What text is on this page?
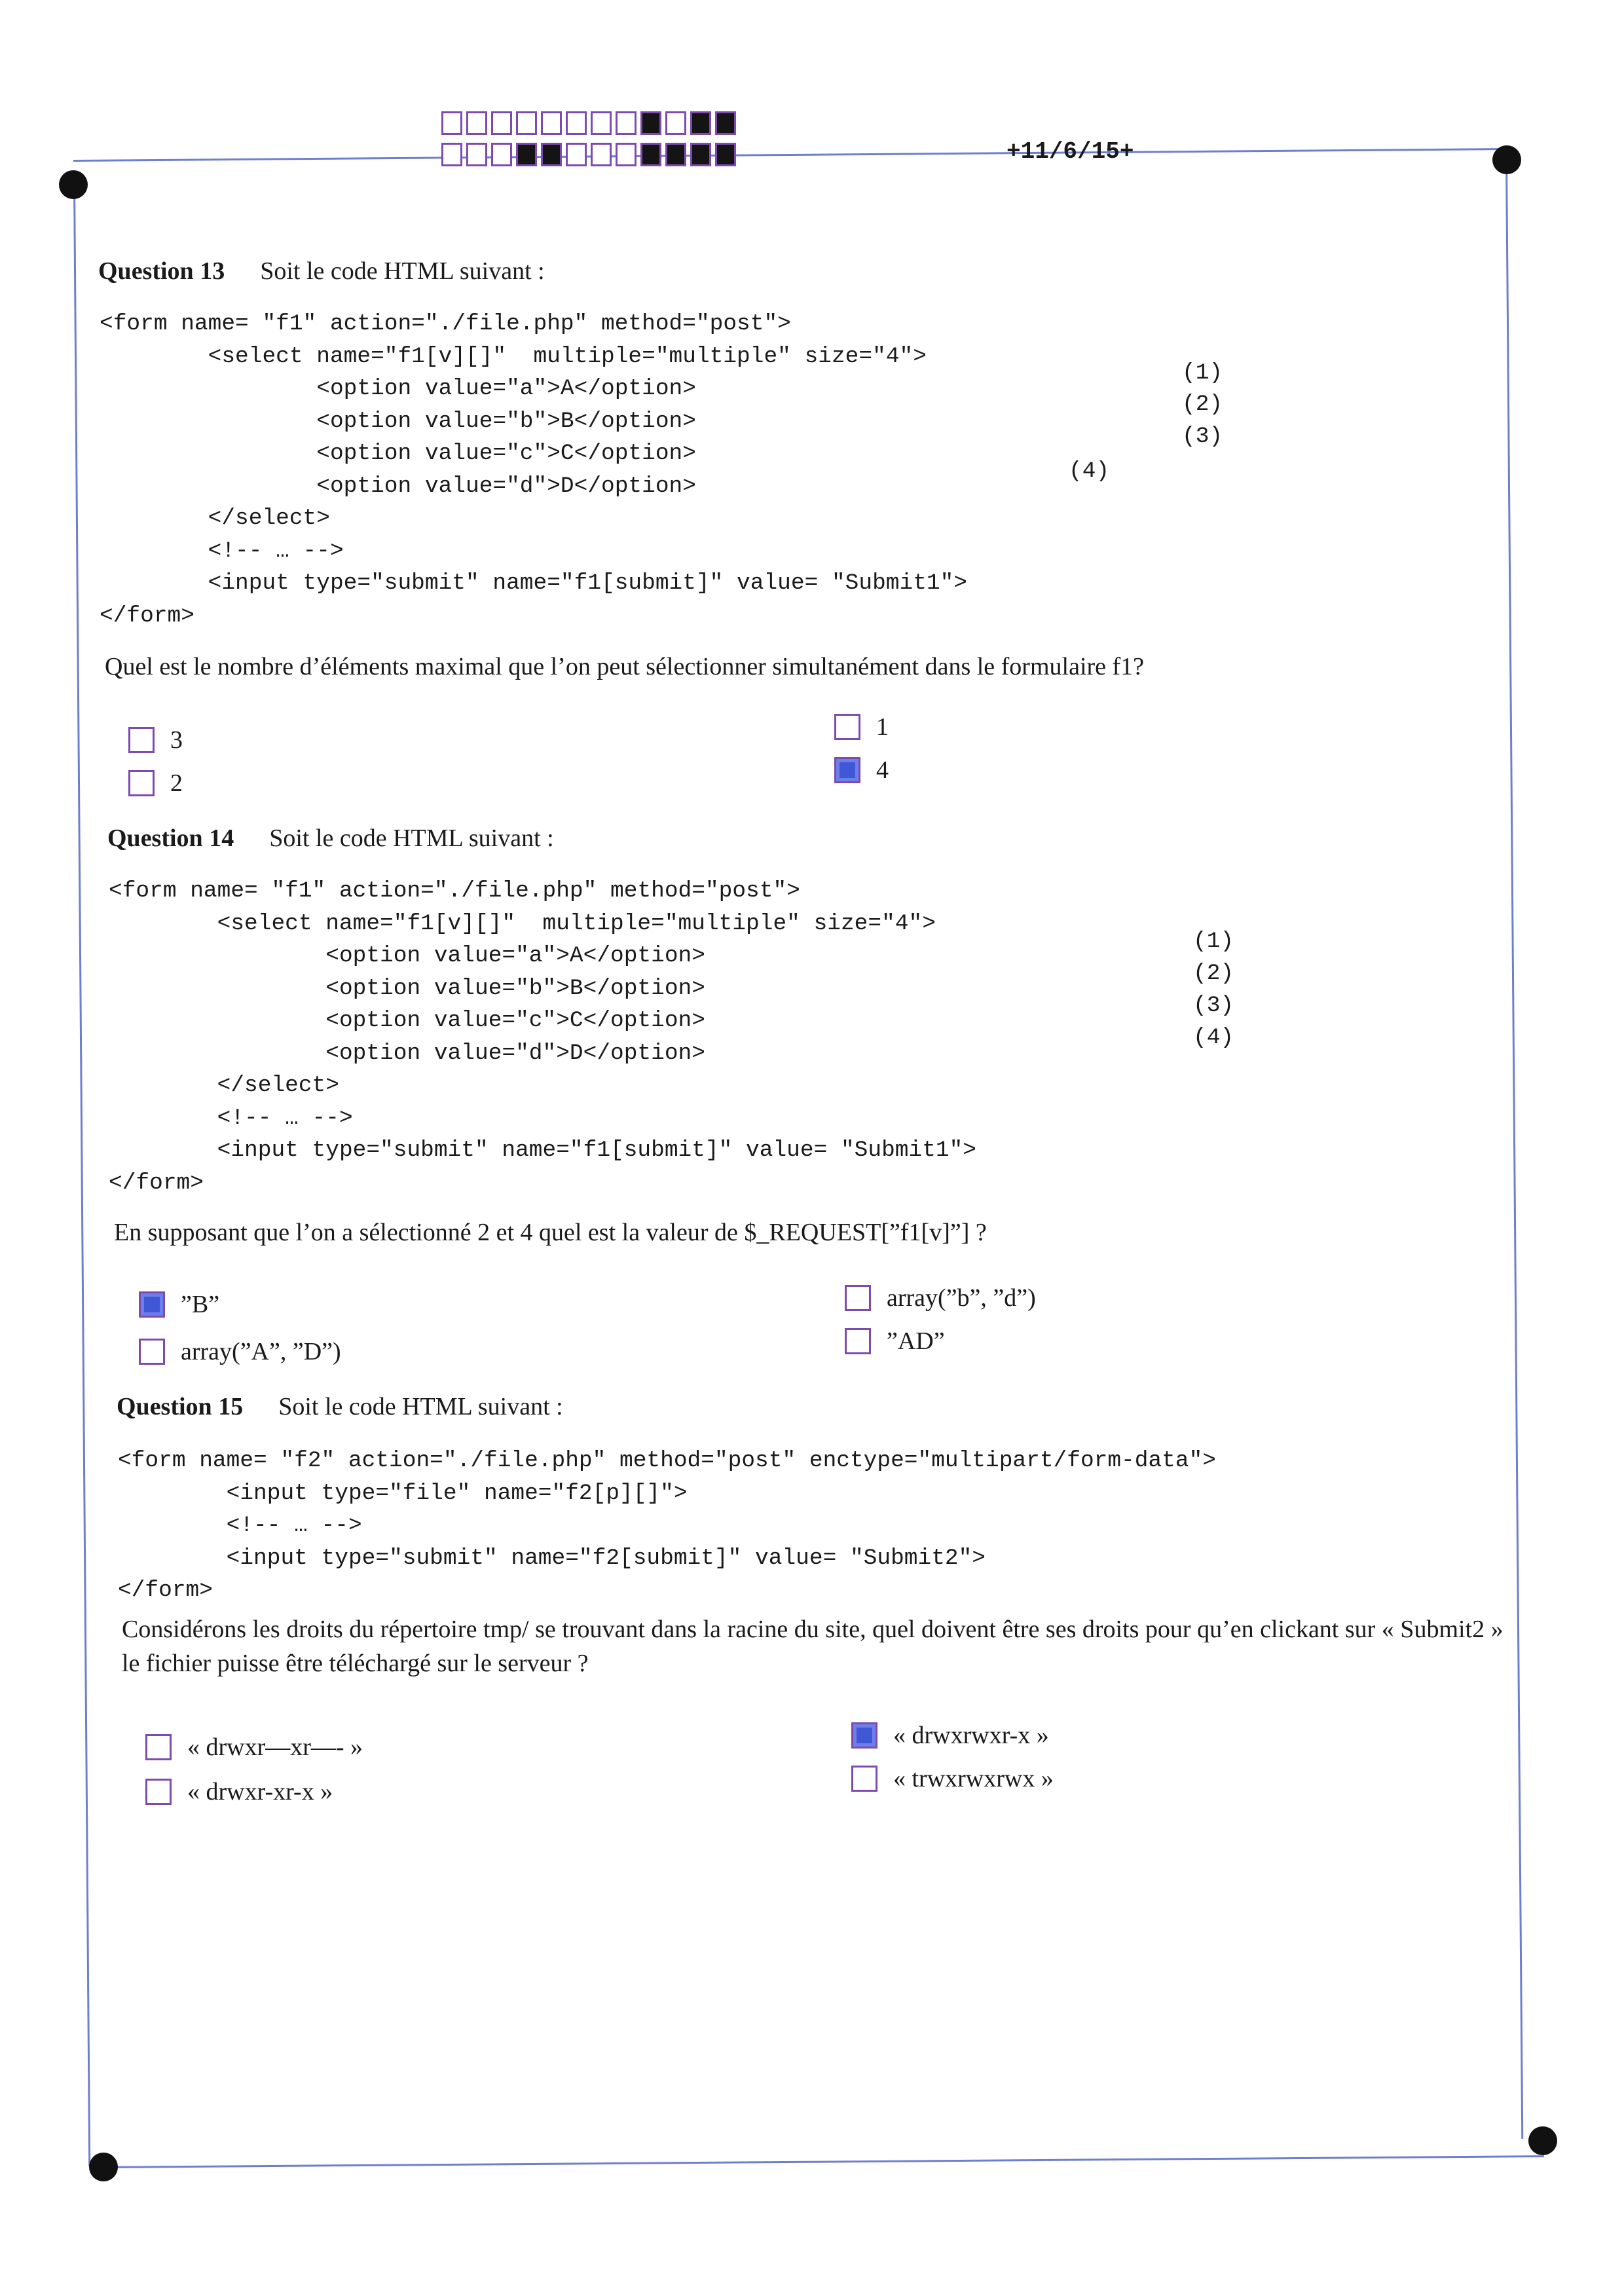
+11/6/15+
Question 13 Soit le code HTML suivant :
<form name= "f1" action="./file.php" method="post">
<select name="f1[v][]"  multiple="multiple" size="4">
<option value="a">A</option>
<option value="b">B</option>
<option value="c">C</option>
<option value="d">D</option>
</select>
<!-- … -->
<input type="submit" name="f1[submit]" value= "Submit1">
</form>
(1)
(2)
(3)
(4)
Quel est le nombre d’éléments maximal que l’on peut sélectionner simultanément dans le formulaire f1?
3
2
1
4
Question 14 Soit le code HTML suivant :
<form name= "f1" action="./file.php" method="post">
<select name="f1[v][]"  multiple="multiple" size="4">
<option value="a">A</option>
<option value="b">B</option>
<option value="c">C</option>
<option value="d">D</option>
</select>
<!-- … -->
<input type="submit" name="f1[submit]" value= "Submit1">
</form>
(1)
(2)
(3)
(4)
En supposant que l’on a sélectionné 2 et 4 quel est la valeur de $_REQUEST[”f1[v]”] ?
”B”
array(”A”, ”D”)
array(”b”, ”d”)
”AD”
Question 15 Soit le code HTML suivant :
<form name= "f2" action="./file.php" method="post" enctype="multipart/form-data">
<input type="file" name="f2[p][]">
<!-- … -->
<input type="submit" name="f2[submit]" value= "Submit2">
</form>
Considérons les droits du répertoire tmp/ se trouvant dans la racine du site, quel doivent être ses droits pour qu’en clickant sur « Submit2 » le fichier puisse être téléchargé sur le serveur ?
« drwxr—xr—- »
« drwxr-xr-x »
« drwxrwxr-x »
« trwxrwxrwx »
